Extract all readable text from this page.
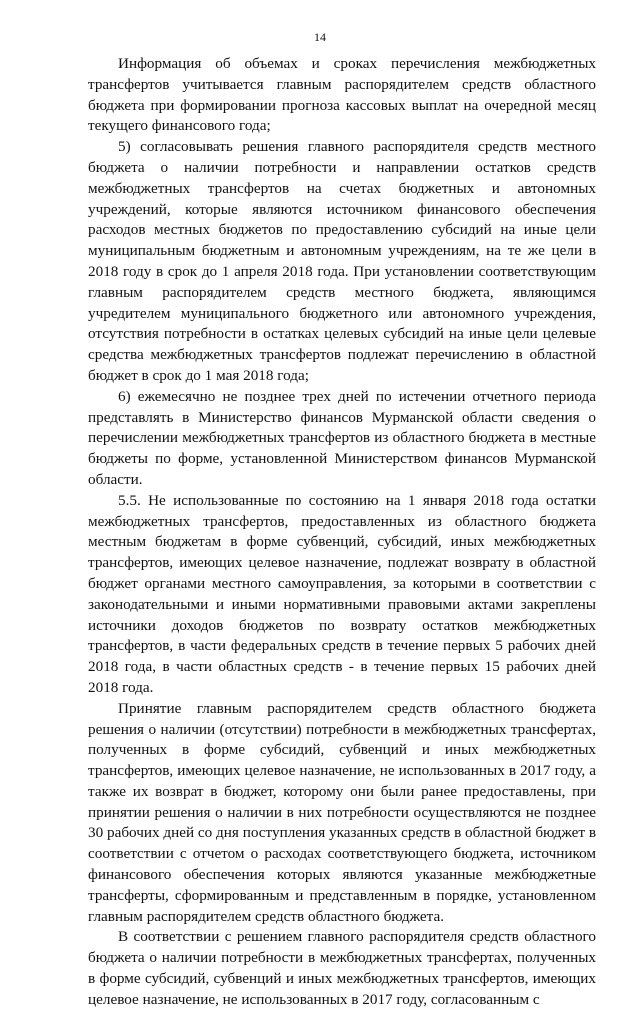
14

Информация об объемах и сроках перечисления межбюджетных трансфертов учитывается главным распорядителем средств областного бюджета при формировании прогноза кассовых выплат на очередной месяц текущего финансового года;

5) согласовывать решения главного распорядителя средств местного бюджета о наличии потребности и направлении остатков средств межбюджетных трансфертов на счетах бюджетных и автономных учреждений, которые являются источником финансового обеспечения расходов местных бюджетов по предоставлению субсидий на иные цели муниципальным бюджетным и автономным учреждениям, на те же цели в 2018 году в срок до 1 апреля 2018 года. При установлении соответствующим главным распорядителем средств местного бюджета, являющимся учредителем муниципального бюджетного или автономного учреждения, отсутствия потребности в остатках целевых субсидий на иные цели целевые средства межбюджетных трансфертов подлежат перечислению в областной бюджет в срок до 1 мая 2018 года;

6) ежемесячно не позднее трех дней по истечении отчетного периода представлять в Министерство финансов Мурманской области сведения о перечислении межбюджетных трансфертов из областного бюджета в местные бюджеты по форме, установленной Министерством финансов Мурманской области.

5.5. Не использованные по состоянию на 1 января 2018 года остатки межбюджетных трансфертов, предоставленных из областного бюджета местным бюджетам в форме субвенций, субсидий, иных межбюджетных трансфертов, имеющих целевое назначение, подлежат возврату в областной бюджет органами местного самоуправления, за которыми в соответствии с законодательными и иными нормативными правовыми актами закреплены источники доходов бюджетов по возврату остатков межбюджетных трансфертов, в части федеральных средств в течение первых 5 рабочих дней 2018 года, в части областных средств - в течение первых 15 рабочих дней 2018 года.

Принятие главным распорядителем средств областного бюджета решения о наличии (отсутствии) потребности в межбюджетных трансфертах, полученных в форме субсидий, субвенций и иных межбюджетных трансфертов, имеющих целевое назначение, не использованных в 2017 году, а также их возврат в бюджет, которому они были ранее предоставлены, при принятии решения о наличии в них потребности осуществляются не позднее 30 рабочих дней со дня поступления указанных средств в областной бюджет в соответствии с отчетом о расходах соответствующего бюджета, источником финансового обеспечения которых являются указанные межбюджетные трансферты, сформированным и представленным в порядке, установленном главным распорядителем средств областного бюджета.

В соответствии с решением главного распорядителя средств областного бюджета о наличии потребности в межбюджетных трансфертах, полученных в форме субсидий, субвенций и иных межбюджетных трансфертов, имеющих целевое назначение, не использованных в 2017 году, согласованным с
